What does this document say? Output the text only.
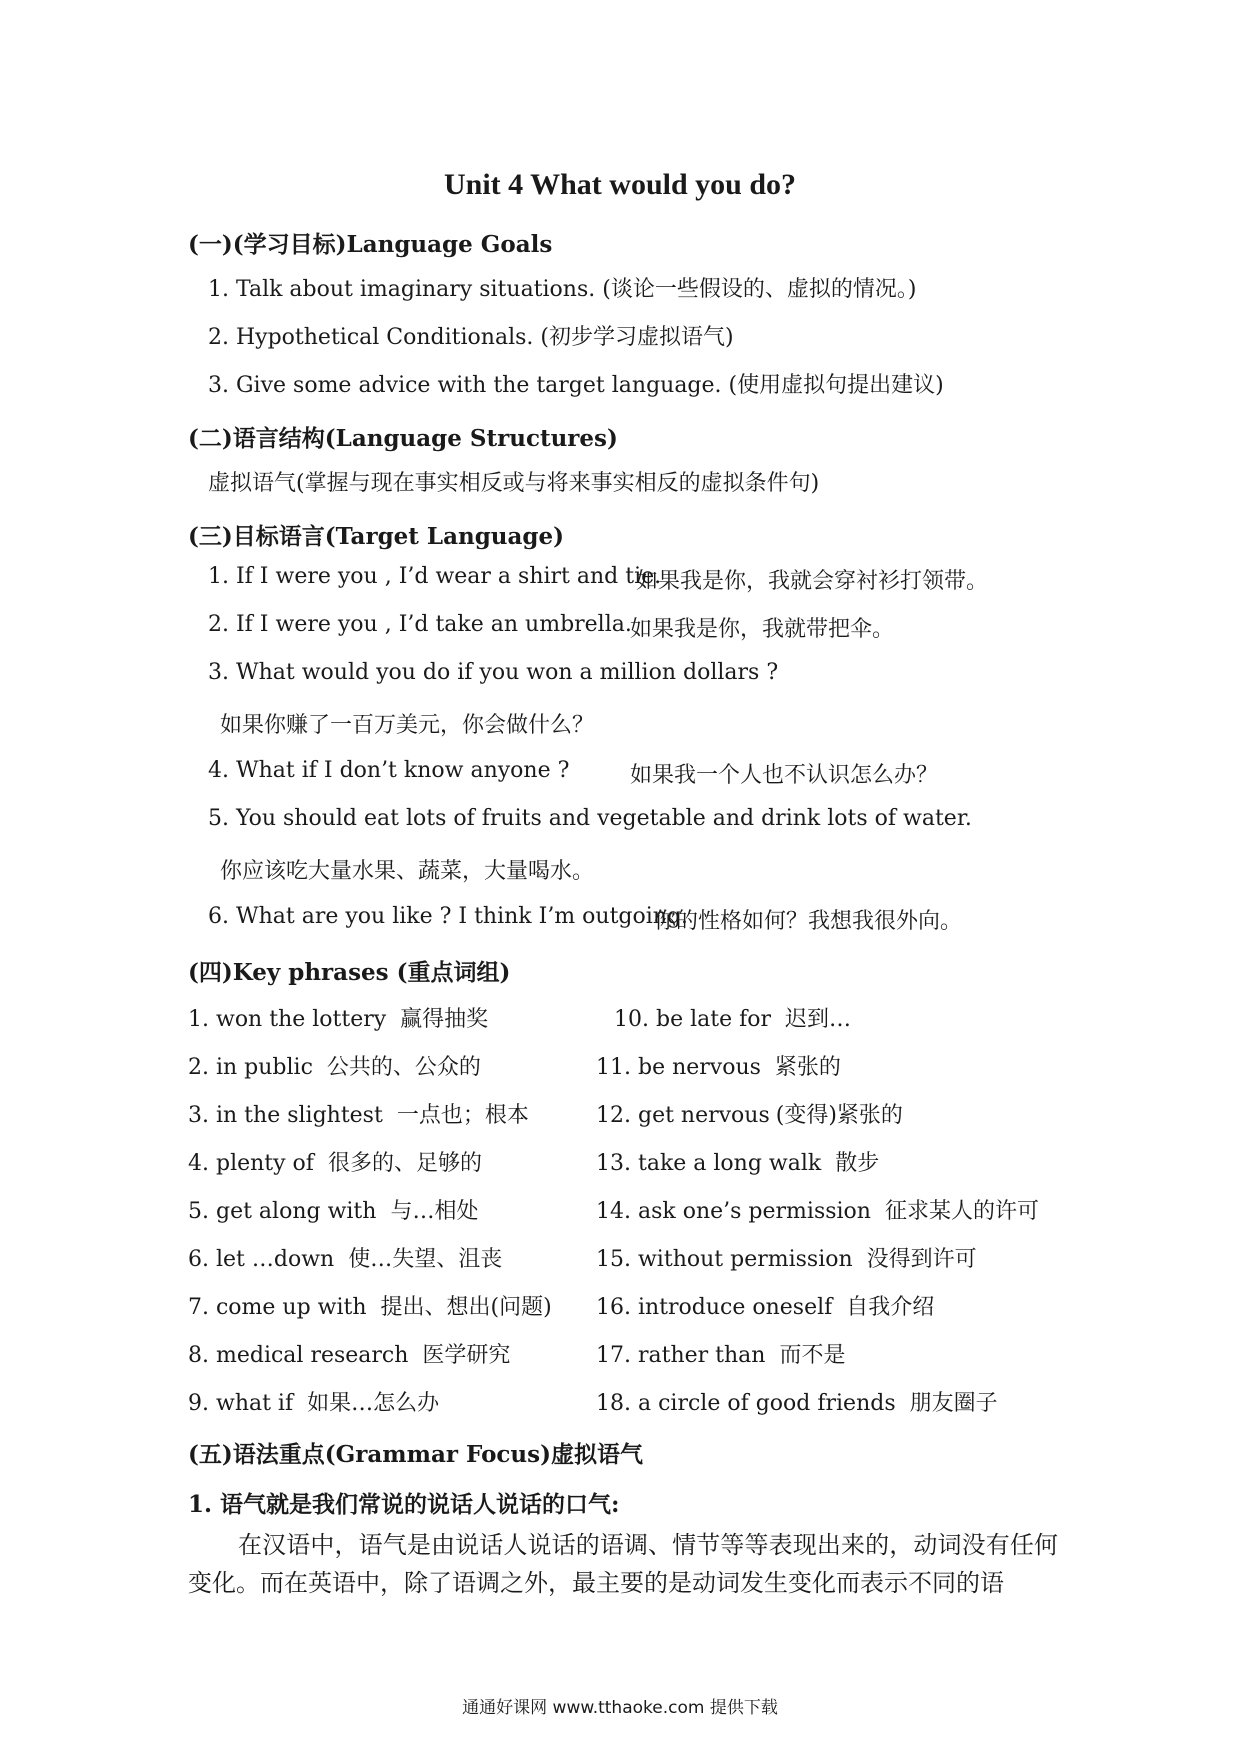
Unit 4 What would you do?
(一)(学习目标)Language Goals
1. Talk about imaginary situations. (谈论一些假设的、虚拟的情况。)
2. Hypothetical Conditionals. (初步学习虚拟语气)
3. Give some advice with the target language. (使用虚拟句提出建议)
(二)语言结构(Language Structures)
虚拟语气(掌握与现在事实相反或与将来事实相反的虚拟条件句)
(三)目标语言(Target Language)
1. If I were you , I’d wear a shirt and tie.
如果我是你，我就会穿衬衫打领带。
2. If I were you , I’d take an umbrella.
如果我是你，我就带把伞。
3. What would you do if you won a million dollars ?
如果你赚了一百万美元，你会做什么？
4. What if I don’t know anyone ?	如果我一个人也不认识怎么办？
5. You should eat lots of fruits and vegetable and drink lots of water.
你应该吃大量水果、蔬菜，大量喝水。
6. What are you like ? I think I’m outgoing.
你的性格如何？我想我很外向。
(四)Key phrases (重点词组)
1. won the lottery 赢得抽奖
2. in public 公共的、公众的
3. in the slightest 一点也；根本
4. plenty of 很多的、足够的
5. get along with 与…相处
6. let …down 使…失望、沮丧
7. come up with 提出、想出(问题)
8. medical research 医学研究
9. what if 如果…怎么办
10. be late for 迟到…
11. be nervous 紧张的
12. get nervous (变得)紧张的
13. take a long walk 散步
14. ask one’s permission 征求某人的许可
15. without permission 没得到许可
16. introduce oneself 自我介绍
17. rather than 而不是
18. a circle of good friends 朋友圈子
(五)语法重点(Grammar Focus)虚拟语气
1. 语气就是我们常说的说话人说话的口气:
在汉语中，语气是由说话人说话的语调、情节等等表现出来的，动词没有任何变化。而在英语中，除了语调之外，最主要的是动词发生变化而表示不同的语
通通好课网 www.tthaoke.com 提供下载
